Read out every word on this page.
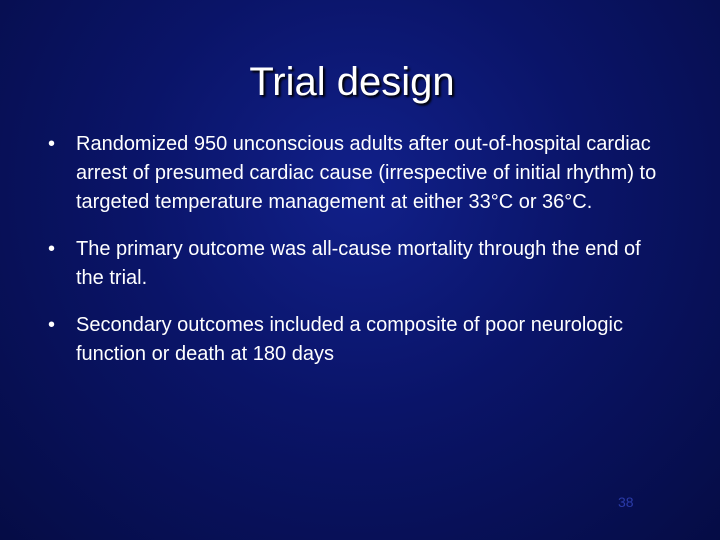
Trial design
• Randomized 950 unconscious adults after out-of-hospital cardiac arrest of presumed cardiac cause (irrespective of initial rhythm) to targeted temperature management at either 33°C or 36°C.
• The primary outcome was all-cause mortality through the end of the trial.
• Secondary outcomes included a composite of poor neurologic function or death at 180 days
38
